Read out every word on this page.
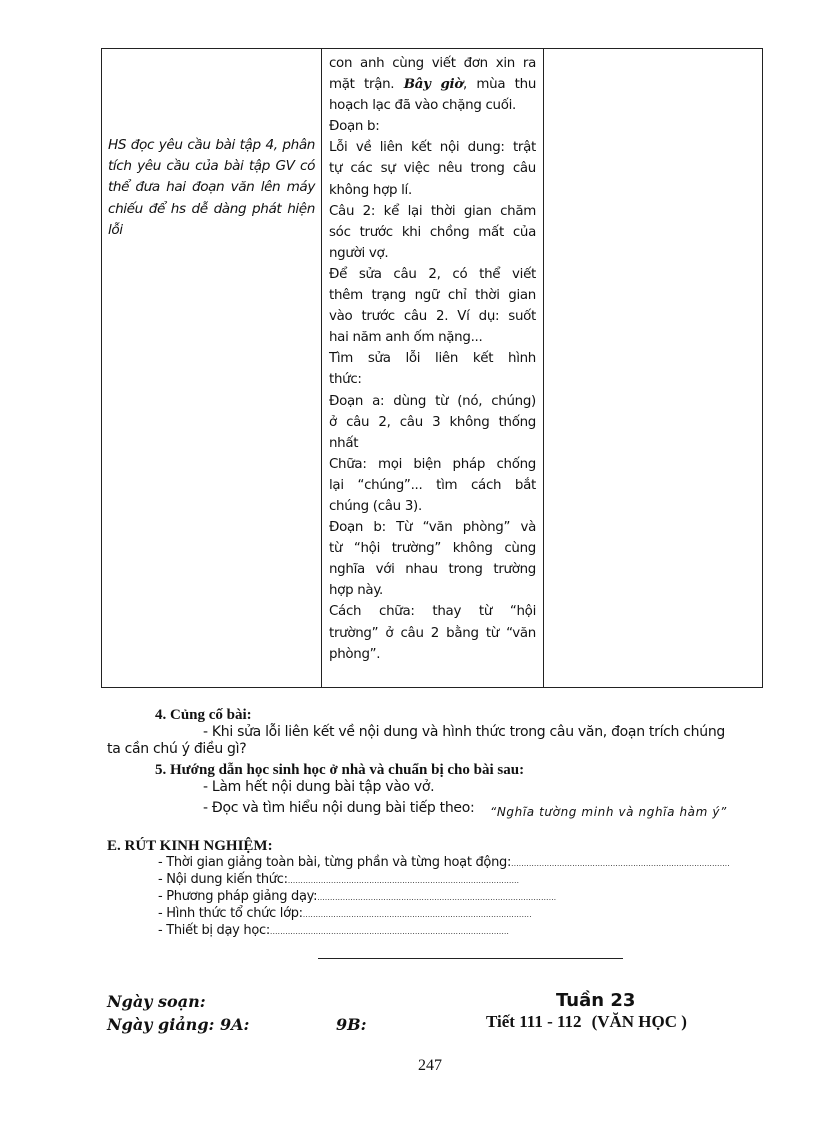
HS đọc yêu cầu bài tập 4, phân tích yêu cầu của bài tập GV có thể đưa hai đoạn văn lên máy chiếu để hs dễ dàng phát hiện lỗi
con anh cùng viết đơn xin ra
mặt trận. Bây giờ, mùa thu
hoạch lạc đã vào chặng cuối.
Đoạn b:
Lỗi về liên kết nội dung: trật
tự các sự việc nêu trong câu
không hợp lí.
Câu 2: kể lại thời gian chăm
sóc trước khi chồng mất của
người vợ.
Để sửa câu 2, có thể viết
thêm trạng ngữ chỉ thời gian
vào trước câu 2. Ví dụ: suốt
hai năm anh ốm nặng...
Tìm sửa lỗi liên kết hình
thức:
Đoạn a: dùng từ (nó, chúng)
ở câu 2, câu 3 không thống
nhất
Chữa: mọi biện pháp chống
lại “chúng”... tìm cách bắt
chúng (câu 3).
Đoạn b: Từ “văn phòng” và
từ “hội trường” không cùng
nghĩa với nhau trong trường
hợp này.
Cách chữa: thay từ “hội
trường” ở câu 2 bằng từ “văn
phòng”.
4. Củng cố bài:
- Khi sửa lỗi liên kết về nội dung và hình thức trong câu văn, đoạn trích chúng
ta cần chú ý điều gì?
5. Hướng dẫn học sinh học ở nhà và chuẩn bị cho bài sau:
- Làm hết nội dung bài tập vào vở.
- Đọc và tìm hiểu nội dung bài tiếp theo: “Nghĩa tường minh và nghĩa hàm ý”
E. RÚT KINH NGHIỆM:
- Thời gian giảng toàn bài, từng phần và từng hoạt động:......................................................................................
- Nội dung kiến thức:...........................................................................................
- Phương pháp giảng dạy:..............................................................................................
- Hình thức tổ chức lớp:..........................................................................................
- Thiết bị dạy học:..............................................................................................
Ngày soạn:
Ngày giảng: 9A:	9B:
Tuần 23
Tiết 111 - 112 (VĂN HỌC )
247
